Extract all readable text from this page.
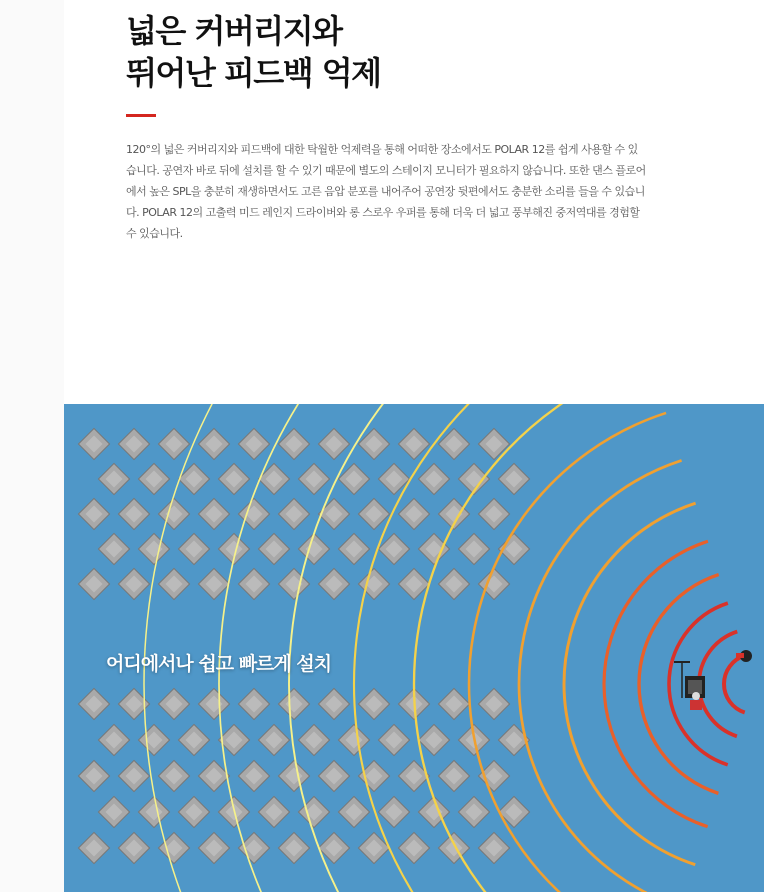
넓은 커버리지와
뛰어난 피드백 억제

120°의 넓은 커버리지와 피드백에 대한 탁월한 억제력을 통해 어떠한 장소에서도 POLAR 12를 쉽게 사용할 수 있습니다. 공연자 바로 뒤에 설치를 할 수 있기 때문에 별도의 스테이지 모니터가 필요하지 않습니다. 또한 댄스 플로어에서 높은 SPL을 충분히 재생하면서도 고른 음압 분포를 내어주어 공연장 뒷편에서도 충분한 소리를 들을 수 있습니다. POLAR 12의 고출력 미드 레인지 드라이버와 롱 스로우 우퍼를 통해 더욱 더 넓고 풍부해진 중저역대를 경험할 수 있습니다.

어디에서나 쉽고 빠르게 설치
